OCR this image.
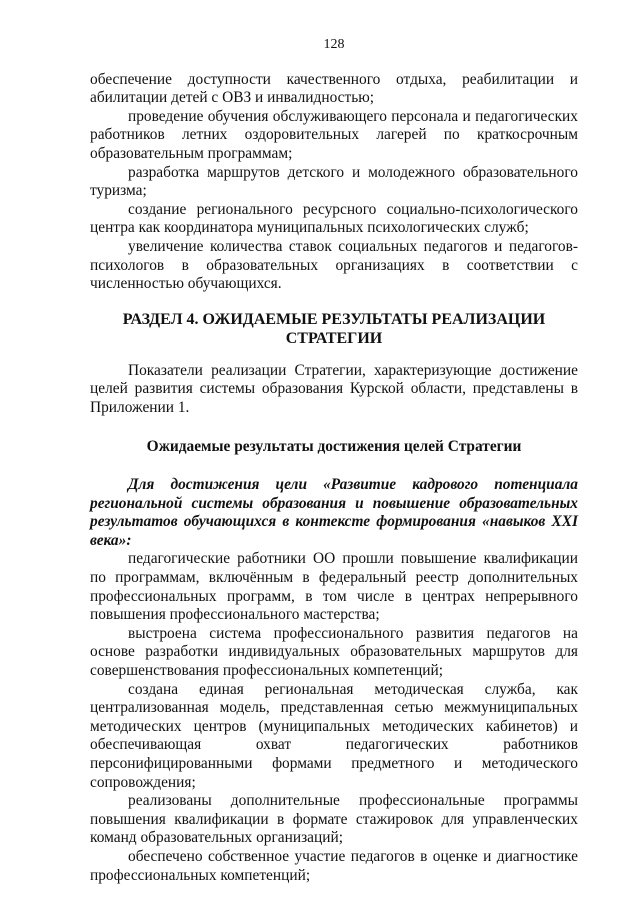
128

обеспечение доступности качественного отдыха, реабилитации и абилитации детей с ОВЗ и инвалидностью;

проведение обучения обслуживающего персонала и педагогических работников летних оздоровительных лагерей по краткосрочным образовательным программам;

разработка маршрутов детского и молодежного образовательного туризма;

создание регионального ресурсного социально-психологического центра как координатора муниципальных психологических служб;

увеличение количества ставок социальных педагогов и педагогов-психологов в образовательных организациях в соответствии с численностью обучающихся.

РАЗДЕЛ 4. ОЖИДАЕМЫЕ РЕЗУЛЬТАТЫ РЕАЛИЗАЦИИ СТРАТЕГИИ

Показатели реализации Стратегии, характеризующие достижение целей развития системы образования Курской области, представлены в Приложении 1.

Ожидаемые результаты достижения целей Стратегии

Для достижения цели «Развитие кадрового потенциала региональной системы образования и повышение образовательных результатов обучающихся в контексте формирования «навыков XXI века»:

педагогические работники ОО прошли повышение квалификации по программам, включённым в федеральный реестр дополнительных профессиональных программ, в том числе в центрах непрерывного повышения профессионального мастерства;

выстроена система профессионального развития педагогов на основе разработки индивидуальных образовательных маршрутов для совершенствования профессиональных компетенций;

создана единая региональная методическая служба, как централизованная модель, представленная сетью межмуниципальных методических центров (муниципальных методических кабинетов) и обеспечивающая охват педагогических работников персонифицированными формами предметного и методического сопровождения;

реализованы дополнительные профессиональные программы повышения квалификации в формате стажировок для управленческих команд образовательных организаций;

обеспечено собственное участие педагогов в оценке и диагностике профессиональных компетенций;
